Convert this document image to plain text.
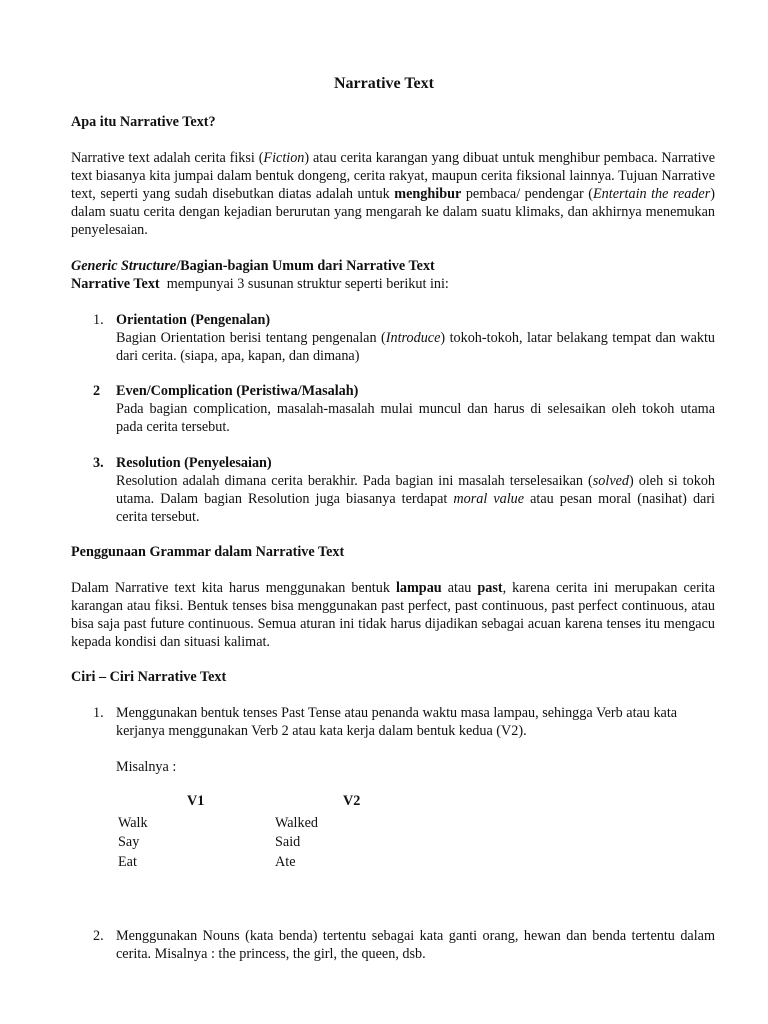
Narrative Text

Apa itu Narrative Text?

Narrative text adalah cerita fiksi (Fiction) atau cerita karangan yang dibuat untuk menghibur pembaca. Narrative text biasanya kita jumpai dalam bentuk dongeng, cerita rakyat, maupun cerita fiksional lainnya. Tujuan Narrative text, seperti yang sudah disebutkan diatas adalah untuk menghibur pembaca/ pendengar (Entertain the reader) dalam suatu cerita dengan kejadian berurutan yang mengarah ke dalam suatu klimaks, dan akhirnya menemukan penyelesaian.

Generic Structure/Bagian-bagian Umum dari Narrative Text

Narrative Text  mempunyai 3 susunan struktur seperti berikut ini:

1. Orientation (Pengenalan)

Bagian Orientation berisi tentang pengenalan (Introduce) tokoh-tokoh, latar belakang tempat dan waktu dari cerita. (siapa, apa, kapan, dan dimana)

2	Even/Complication (Peristiwa/Masalah)

Pada bagian complication, masalah-masalah mulai muncul dan harus di selesaikan oleh tokoh utama pada cerita tersebut.

3. Resolution (Penyelesaian)

Resolution adalah dimana cerita berakhir. Pada bagian ini masalah terselesaikan (solved) oleh si tokoh utama. Dalam bagian Resolution juga biasanya terdapat moral value atau pesan moral (nasihat) dari cerita tersebut.

Penggunaan Grammar dalam Narrative Text

Dalam Narrative text kita harus menggunakan bentuk lampau atau past, karena cerita ini merupakan cerita karangan atau fiksi. Bentuk tenses bisa menggunakan past perfect, past continuous, past perfect continuous, atau bisa saja past future continuous. Semua aturan ini tidak harus dijadikan sebagai acuan karena tenses itu mengacu kepada kondisi dan situasi kalimat.

Ciri – Ciri Narrative Text

1. Menggunakan bentuk tenses Past Tense atau penanda waktu masa lampau, sehingga Verb atau kata kerjanya menggunakan Verb 2 atau kata kerja dalam bentuk kedua (V2).

Misalnya :

V1	V2
Walk	Walked
Say	Said
Eat	Ate
2. Menggunakan Nouns (kata benda) tertentu sebagai kata ganti orang, hewan dan benda tertentu dalam cerita. Misalnya : the princess, the girl, the queen, dsb.
